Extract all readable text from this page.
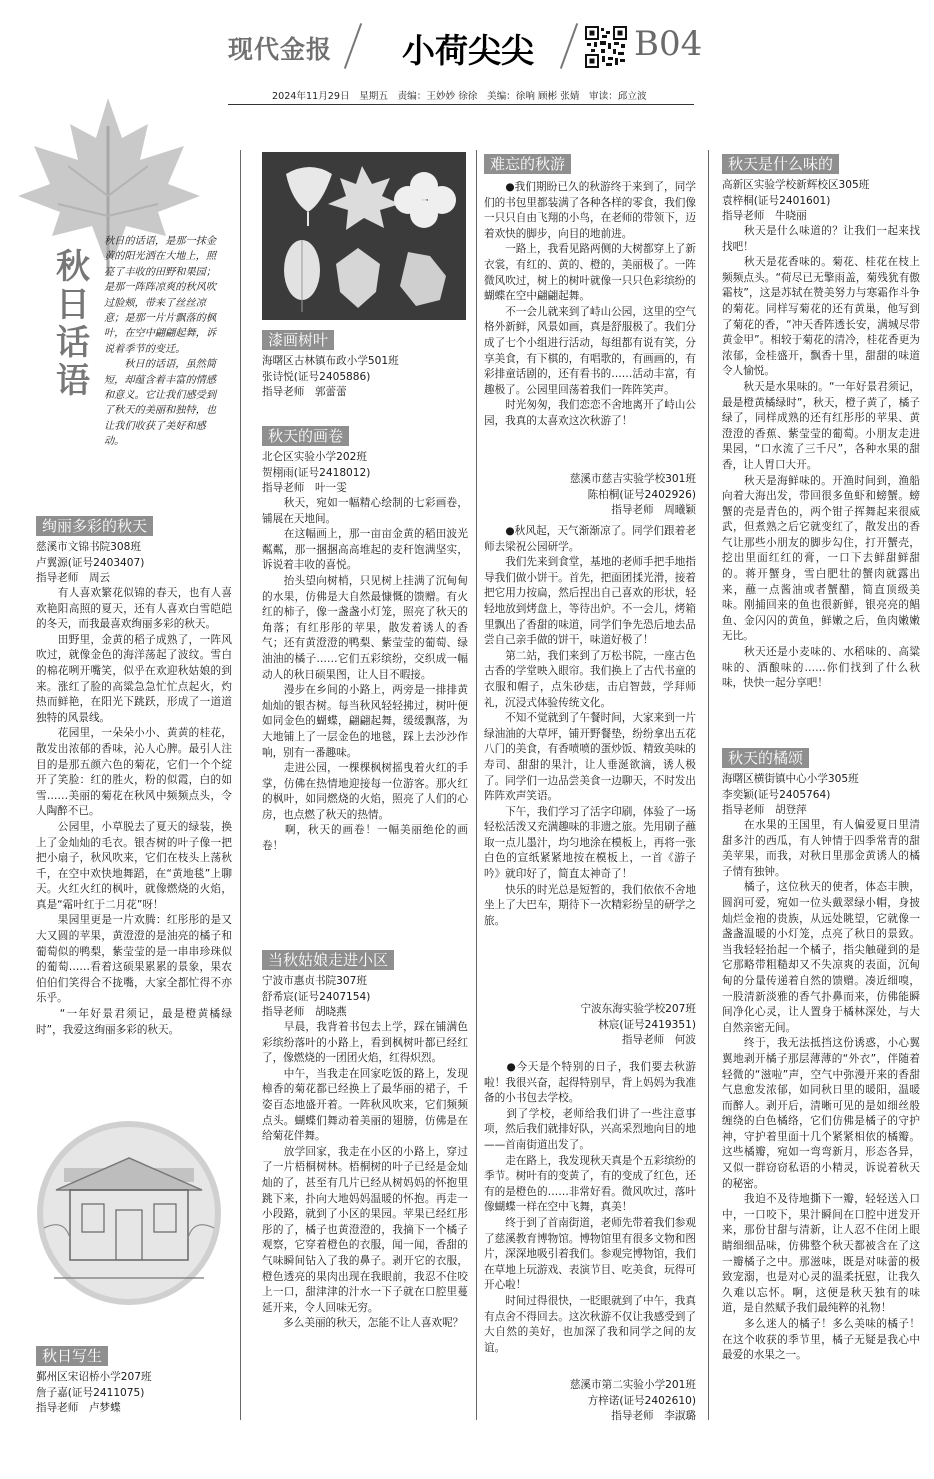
现代金报 小荷尖尖	B04
2024年11月29日　星期五　责编：王妙妙 徐徐　美编：徐响 顾彬 张婧　审读：邱立波
秋日话语
秋日的话语，是那一抹金黄的阳光洒在大地上，照亮了丰收的田野和果园；是那一阵阵凉爽的秋风吹过脸颊，带来了丝丝凉意；是那一片片飘落的枫叶，在空中翩翩起舞，诉说着季节的变迁。
　　秋日的话语，虽然简短，却蕴含着丰富的情感和意义。它让我们感受到了秋天的美丽和独特，也让我们收获了美好和感动。
绚丽多彩的秋天
慈溪市文锦书院308班
卢翼源(证号2403407)
指导老师　周云
　　有人喜欢繁花似锦的春天，也有人喜欢艳阳高照的夏天，还有人喜欢白雪皑皑的冬天，而我最喜欢绚丽多彩的秋天。
　　田野里，金黄的稻子成熟了，一阵风吹过，就像金色的海洋荡起了波纹。雪白的棉花咧开嘴笑，似乎在欢迎秋姑娘的到来。涨红了脸的高粱急急忙忙点起火，灼热而鲜艳，在阳光下跳跃，形成了一道道独特的风景线。
　　花园里，一朵朵小小、黄黄的桂花，散发出浓郁的香味，沁人心脾。最引人注目的是那五颜六色的菊花，它们一个个绽开了笑脸：红的胜火，粉的似霞，白的如雪……美丽的菊花在秋风中频频点头，令人陶醉不已。
　　公园里，小草脱去了夏天的绿装，换上了金灿灿的毛衣。银杏树的叶子像一把把小扇子，秋风吹来，它们在枝头上荡秋千，在空中欢快地舞蹈，在“黄地毯”上聊天。火红火红的枫叶，就像燃烧的火焰，真是“霜叶红于二月花”呀！
　　果园里更是一片欢腾：红彤彤的是又大又圆的苹果，黄澄澄的是油亮的橘子和葡萄似的鸭梨，紫莹莹的是一串串珍珠似的葡萄……看着这硕果累累的景象，果农伯伯们笑得合不拢嘴，大家全都忙得不亦乐乎。
　　“一年好景君须记，最是橙黄橘绿时”，我爱这绚丽多彩的秋天。
秋日写生
鄞州区宋诏桥小学207班
詹子嘉(证号2411075)
指导老师　卢梦蝶
漆画树叶
海曙区古林镇布政小学501班
张诗悦(证号2405886)
指导老师　郭蕾蕾
秋天的画卷
北仑区实验小学202班
贺栩雨(证号2418012)
指导老师　叶一雯
　　秋天，宛如一幅精心绘制的七彩画卷，铺展在天地间。
　　在这幅画上，那一亩亩金黄的稻田波光粼粼，那一捆捆高高堆起的麦秆饱满坚实，诉说着丰收的喜悦。
　　抬头望向树梢，只见树上挂满了沉甸甸的水果，仿佛是大自然最慷慨的馈赠。有火红的柿子，像一盏盏小灯笼，照亮了秋天的角落；有红彤彤的苹果，散发着诱人的香气；还有黄澄澄的鸭梨、紫莹莹的葡萄、绿油油的橘子……它们五彩缤纷，交织成一幅动人的秋日硕果图，让人目不暇接。
　　漫步在乡间的小路上，两旁是一排排黄灿灿的银杏树。每当秋风轻轻拂过，树叶便如同金色的蝴蝶，翩翩起舞，缓缓飘落，为大地铺上了一层金色的地毯，踩上去沙沙作响，别有一番趣味。
　　走进公园，一棵棵枫树摇曳着火红的手掌，仿佛在热情地迎接每一位游客。那火红的枫叶，如同燃烧的火焰，照亮了人们的心房，也点燃了秋天的热情。
　　啊，秋天的画卷！一幅美丽绝伦的画卷！
当秋姑娘走进小区
宁波市惠贞书院307班
舒希宸(证号2407154)
指导老师　胡晓燕
　　早晨，我背着书包去上学，踩在铺满色彩缤纷落叶的小路上，看到枫树叶都已经红了，像燃烧的一团团火焰，红得炽烈。
　　中午，当我走在回家吃饭的路上，发现樟香的菊花都已经换上了最华丽的裙子，千姿百态地盛开着。一阵秋风吹来，它们频频点头。蝴蝶们舞动着美丽的翅膀，仿佛是在给菊花伴舞。
　　放学回家，我走在小区的小路上，穿过了一片梧桐树林。梧桐树的叶子已经是金灿灿的了，甚至有几片已经从树妈妈的怀抱里跳下来，扑向大地妈妈温暖的怀抱。再走一小段路，就到了小区的果园。苹果已经红彤彤的了，橘子也黄澄澄的，我摘下一个橘子观察，它穿着橙色的衣服，闻一闻，香甜的气味瞬间钻入了我的鼻子。剥开它的衣服，橙色透亮的果肉出现在我眼前，我忍不住咬上一口，甜津津的汁水一下子就在口腔里蔓延开来，令人回味无穷。
　　多么美丽的秋天，怎能不让人喜欢呢？
难忘的秋游
　　●我们期盼已久的秋游终于来到了，同学们的书包里都装满了各种各样的零食，我们像一只只自由飞翔的小鸟，在老师的带领下，迈着欢快的脚步，向目的地前进。
　　一路上，我看见路两侧的大树都穿上了新衣裳，有红的、黄的、橙的，美丽极了。一阵微风吹过，树上的树叶就像一只只色彩缤纷的蝴蝶在空中翩翩起舞。
　　不一会儿就来到了峙山公园，这里的空气格外新鲜，风景如画，真是舒服极了。我们分成了七个小组进行活动，每组都有说有笑，分享美食，有下棋的，有唱歌的，有画画的，有彩排童话剧的，还有看书的……活动丰富，有趣极了。公园里回荡着我们一阵阵笑声。
　　时光匆匆，我们恋恋不舍地离开了峙山公园，我真的太喜欢这次秋游了！
慈溪市慈吉实验学校301班
陈柏桐(证号2402926)
指导老师　周曦颖
　　●秋风起，天气渐渐凉了。同学们跟着老师去梁祝公园研学。
　　我们先来到食堂，基地的老师手把手地指导我们做小饼干。首先，把面团揉光滑，接着把它用力按扁，然后捏出自己喜欢的形状，轻轻地放到烤盘上，等待出炉。不一会儿，烤箱里飘出了香甜的味道，同学们争先恐后地去品尝自己亲手做的饼干，味道好极了！
　　第二站，我们来到了万松书院，一座古色古香的学堂映入眼帘。我们换上了古代书童的衣服和帽子，点朱砂痣，击启智鼓，学拜师礼，沉浸式体验传统文化。
　　不知不觉就到了午餐时间，大家来到一片绿油油的大草坪，铺开野餐垫，纷纷拿出五花八门的美食，有香喷喷的蛋炒饭、精致美味的寿司、甜甜的果汁，让人垂涎欲滴，诱人极了。同学们一边品尝美食一边聊天，不时发出阵阵欢声笑语。
　　下午，我们学习了活字印刷，体验了一场轻松活泼又充满趣味的非遗之旅。先用刷子蘸取一点儿墨汁，均匀地涂在模板上，再将一张白色的宣纸紧紧地按在模板上，一首《游子吟》就印好了，简直太神奇了！
　　快乐的时光总是短暂的，我们依依不舍地坐上了大巴车，期待下一次精彩纷呈的研学之旅。
宁波东海实验学校207班
林宸(证号2419351)
指导老师　何波
　　●今天是个特别的日子，我们要去秋游啦！我很兴奋，起得特别早，背上妈妈为我准备的小书包去学校。
　　到了学校，老师给我们讲了一些注意事项，然后我们就排好队，兴高采烈地向目的地——首南街道出发了。
　　走在路上，我发现秋天真是个五彩缤纷的季节。树叶有的变黄了，有的变成了红色，还有的是橙色的……非常好看。微风吹过，落叶像蝴蝶一样在空中飞舞，真美！
　　终于到了首南街道，老师先带着我们参观了慈溪教育博物馆。博物馆里有很多文物和图片，深深地吸引着我们。参观完博物馆，我们在草地上玩游戏、表演节目、吃美食，玩得可开心啦！
　　时间过得很快，一眨眼就到了中午，我真有点舍不得回去。这次秋游不仅让我感受到了大自然的美好，也加深了我和同学之间的友谊。
慈溪市第二实验小学201班
方梓诺(证号2402610)
指导老师　李淑璐
秋天是什么味的
高新区实验学校新辉校区305班
袁梓桐(证号2401601)
指导老师　牛晓丽
　　秋天是什么味道的？让我们一起来找找吧！
　　秋天是花香味的。菊花、桂花在枝上频频点头。“荷尽已无擎雨盖，菊残犹有傲霜枝”，这是苏轼在赞美努力与寒霜作斗争的菊花。同样写菊花的还有黄巢，他写到了菊花的香，“冲天香阵透长安，满城尽带黄金甲”。相较于菊花的清冷，桂花香更为浓郁，金桂盛开，飘香十里，甜甜的味道令人愉悦。
　　秋天是水果味的。“一年好景君须记，最是橙黄橘绿时”，秋天，橙子黄了，橘子绿了，同样成熟的还有红彤彤的苹果、黄澄澄的香蕉、紫莹莹的葡萄。小朋友走进果园，“口水流了三千尺”，各种水果的甜香，让人胃口大开。
　　秋天是海鲜味的。开渔时间到，渔船向着大海出发，带回很多鱼虾和螃蟹。螃蟹的壳是青色的，两个钳子挥舞起来很威武，但煮熟之后它就变红了，散发出的香气让那些小朋友的脚步勾住，打开蟹壳，挖出里面红红的膏，一口下去鲜甜鲜甜的。蒋开蟹身，雪白肥壮的蟹肉就露出来，蘸一点酱油或者蟹醋，简直顶级美味。刚捕回来的鱼也很新鲜，银亮亮的鲳鱼、金闪闪的黄鱼，鲜嫩之后，鱼肉嫩嫩无比。
　　秋天还是小麦味的、水稻味的、高粱味的、酒酿味的……你们找到了什么秋味，快快一起分享吧！
秋天的橘颂
海曙区横街镇中心小学305班
李奕颖(证号2405764)
指导老师　胡登萍
　　在水果的王国里，有人偏爱夏日里清甜多汁的西瓜，有人钟情于四季常青的甜美苹果，而我，对秋日里那金黄诱人的橘子情有独钟。
　　橘子，这位秋天的使者，体态丰腴，圆润可爱，宛如一位头戴翠绿小帽，身披灿烂金袍的贵族，从远处眺望，它就像一盏盏温暖的小灯笼，点亮了秋日的景致。当我轻轻抬起一个橘子，指尖触碰到的是它那略带粗糙却又不失凉爽的表面，沉甸甸的分量传递着自然的馈赠。凑近细嗅，一股清新淡雅的香气扑鼻而来，仿佛能瞬间净化心灵，让人置身于橘林深处，与大自然亲密无间。
　　终于，我无法抵挡这份诱惑，小心翼翼地剥开橘子那层薄薄的“外衣”，伴随着轻微的“滋啦”声，空气中弥漫开来的香甜气息愈发浓郁，如同秋日里的暖阳，温暖而醉人。剥开后，清晰可见的是如细丝般缠绕的白色橘络，它们仿佛是橘子的守护神，守护着里面十几个紧紧相依的橘瓣。这些橘瓣，宛如一弯弯新月，形态各异，又似一群窃窃私语的小精灵，诉说着秋天的秘密。
　　我迫不及待地撕下一瓣，轻轻送入口中，一口咬下，果汁瞬间在口腔中迸发开来，那份甘甜与清新，让人忍不住闭上眼睛细细品味，仿佛整个秋天都被含在了这一瓣橘子之中。那滋味，既是对味蕾的极致宠溺，也是对心灵的温柔抚慰，让我久久难以忘怀。啊，这便是秋天独有的味道，是自然赋予我们最纯粹的礼物！
　　多么迷人的橘子！多么美味的橘子！在这个收获的季节里，橘子无疑是我心中最爱的水果之一。
